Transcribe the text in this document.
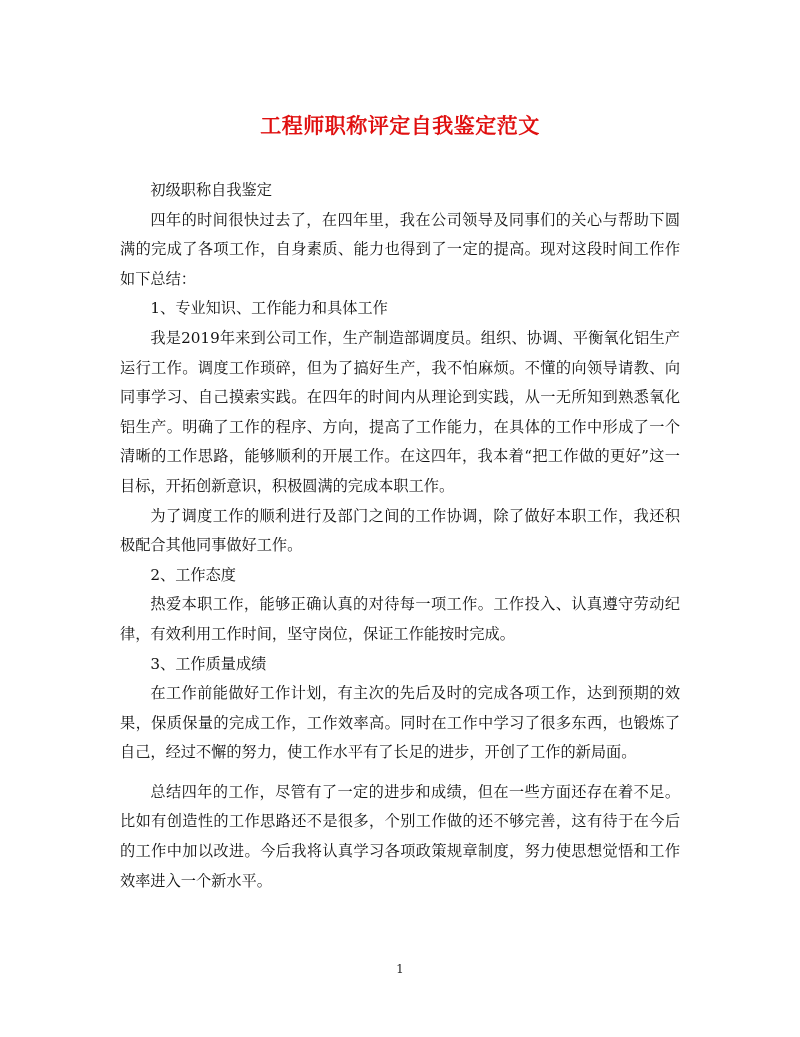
工程师职称评定自我鉴定范文

初级职称自我鉴定

四年的时间很快过去了，在四年里，我在公司领导及同事们的关心与帮助下圆满的完成了各项工作，自身素质、能力也得到了一定的提高。现对这段时间工作作如下总结：

1、专业知识、工作能力和具体工作

我是2019年来到公司工作，生产制造部调度员。组织、协调、平衡氧化铝生产运行工作。调度工作琐碎，但为了搞好生产，我不怕麻烦。不懂的向领导请教、向同事学习、自己摸索实践。在四年的时间内从理论到实践，从一无所知到熟悉氧化铝生产。明确了工作的程序、方向，提高了工作能力，在具体的工作中形成了一个清晰的工作思路，能够顺利的开展工作。在这四年，我本着“把工作做的更好”这一目标，开拓创新意识，积极圆满的完成本职工作。

为了调度工作的顺利进行及部门之间的工作协调，除了做好本职工作，我还积极配合其他同事做好工作。

2、工作态度

热爱本职工作，能够正确认真的对待每一项工作。工作投入、认真遵守劳动纪律，有效利用工作时间，坚守岗位，保证工作能按时完成。

3、工作质量成绩

在工作前能做好工作计划，有主次的先后及时的完成各项工作，达到预期的效果，保质保量的完成工作，工作效率高。同时在工作中学习了很多东西，也锻炼了自己，经过不懈的努力，使工作水平有了长足的进步，开创了工作的新局面。

总结四年的工作，尽管有了一定的进步和成绩，但在一些方面还存在着不足。比如有创造性的工作思路还不是很多，个别工作做的还不够完善，这有待于在今后的工作中加以改进。今后我将认真学习各项政策规章制度，努力使思想觉悟和工作效率进入一个新水平。

1
